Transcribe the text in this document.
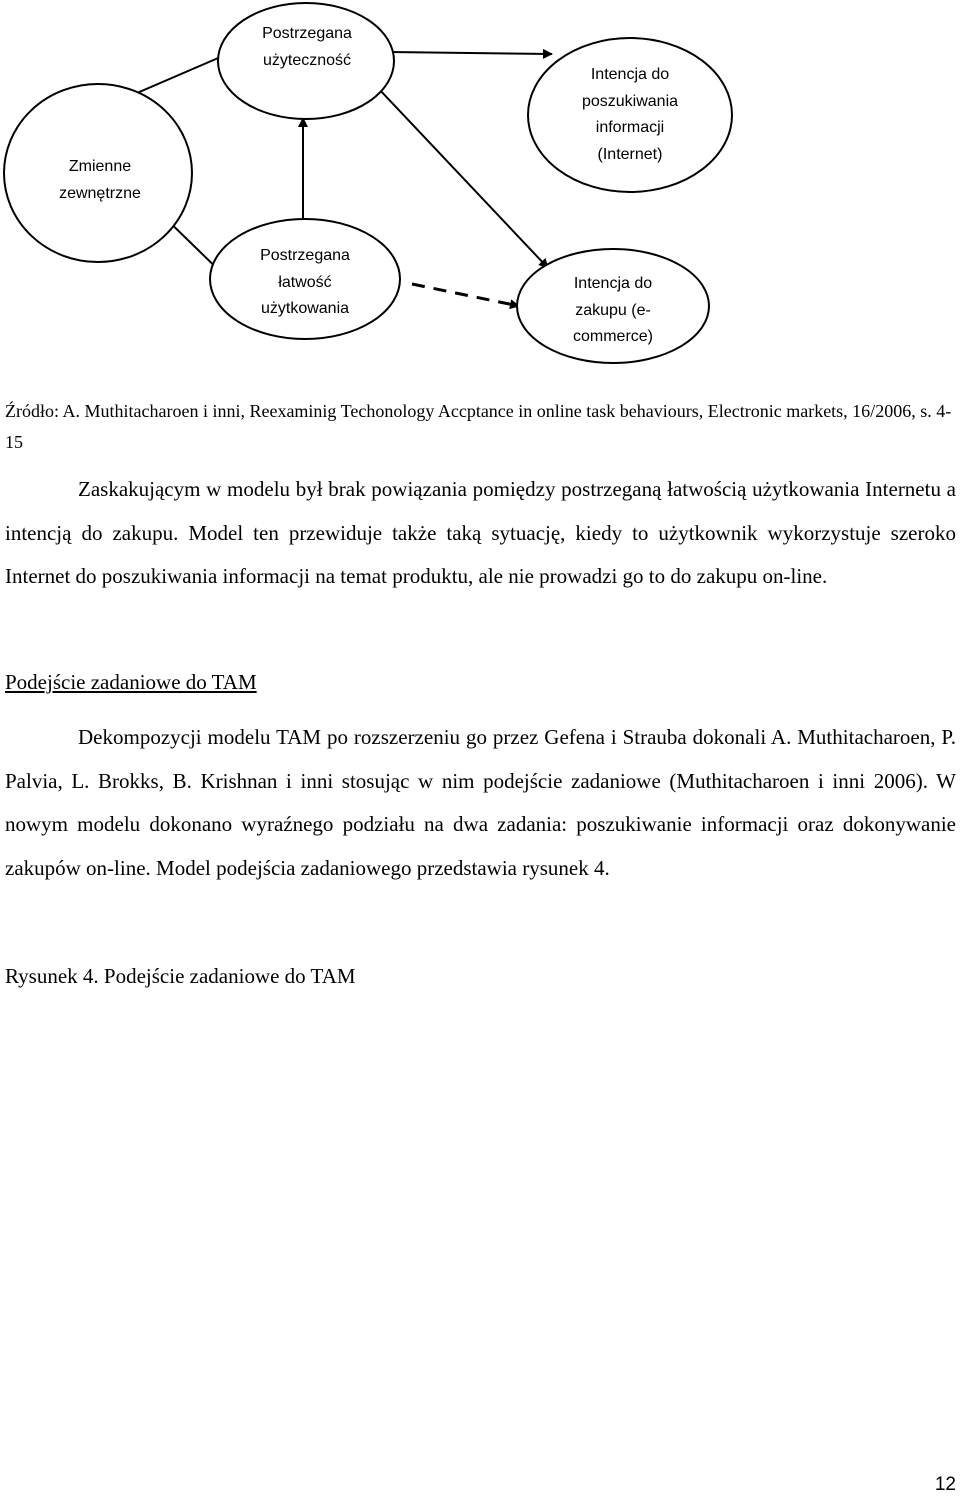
Zmienne
zewnętrzne
Postrzegana
użyteczność
Postrzegana
łatwość
użytkowania
Intencja do
poszukiwania
informacji
(Internet)
Intencja do
zakupu (e-
commerce)

Źródło: A. Muthitacharoen i inni, Reexaminig Techonology Accptance in online task behaviours, Electronic markets, 16/2006, s. 4-15

Zaskakującym w modelu był brak powiązania pomiędzy postrzeganą łatwością użytkowania Internetu a intencją do zakupu. Model ten przewiduje także taką sytuację, kiedy to użytkownik wykorzystuje szeroko Internet do poszukiwania informacji na temat produktu, ale nie prowadzi go to do zakupu on-line.

Podejście zadaniowe do TAM

Dekompozycji modelu TAM po rozszerzeniu go przez Gefena i Strauba dokonali A. Muthitacharoen, P. Palvia, L. Brokks, B. Krishnan i inni stosując w nim podejście zadaniowe (Muthitacharoen i inni 2006). W nowym modelu dokonano wyraźnego podziału na dwa zadania: poszukiwanie informacji oraz dokonywanie zakupów on-line. Model podejścia zadaniowego przedstawia rysunek 4.

Rysunek 4. Podejście zadaniowe do TAM

12
